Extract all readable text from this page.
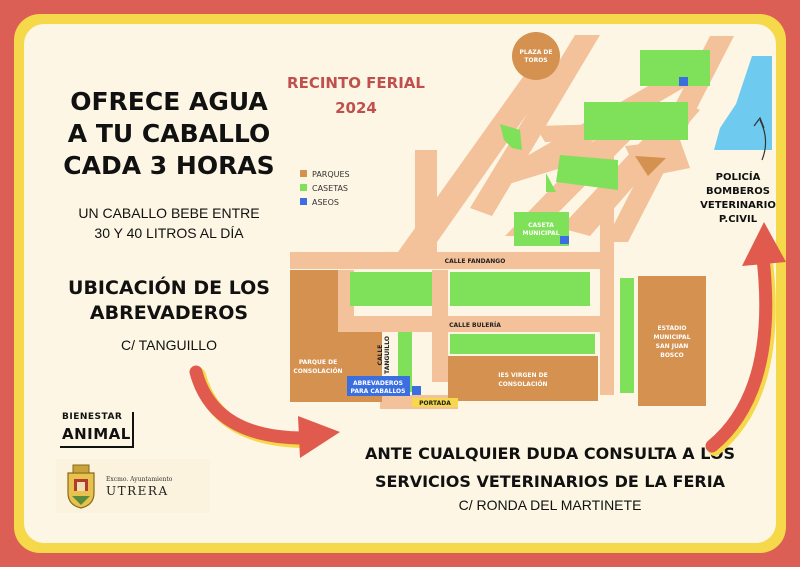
OFRECE AGUA
A TU CABALLO
CADA 3 HORAS
UN CABALLO BEBE ENTRE
30 Y 40 LITROS AL DÍA
UBICACIÓN DE LOS
ABREVADEROS
C/ TANGUILLO
ANTE CUALQUIER DUDA CONSULTA A LOS
SERVICIOS VETERINARIOS DE LA FERIA
C/ RONDA DEL MARTINETE
BIENESTAR
ANIMAL
Excmo. Ayuntamiento
UTRERA
PARQUES
CASETAS
ASEOS
RECINTO FERIAL
2024
PLAZA DE
TOROS
CASETA
MUNICIPAL
CALLE FANDANGO
CALLE BULERÍA
CALLE TANGUILLO
PARQUE DE
CONSOLACIÓN
IES VIRGEN DE
CONSOLACIÓN
ESTADIO
MUNICIPAL
SAN JUAN
BOSCO
ABREVADEROS
PARA CABALLOS
PORTADA
POLICÍA
BOMBEROS
VETERINARIO
P.CIVIL
